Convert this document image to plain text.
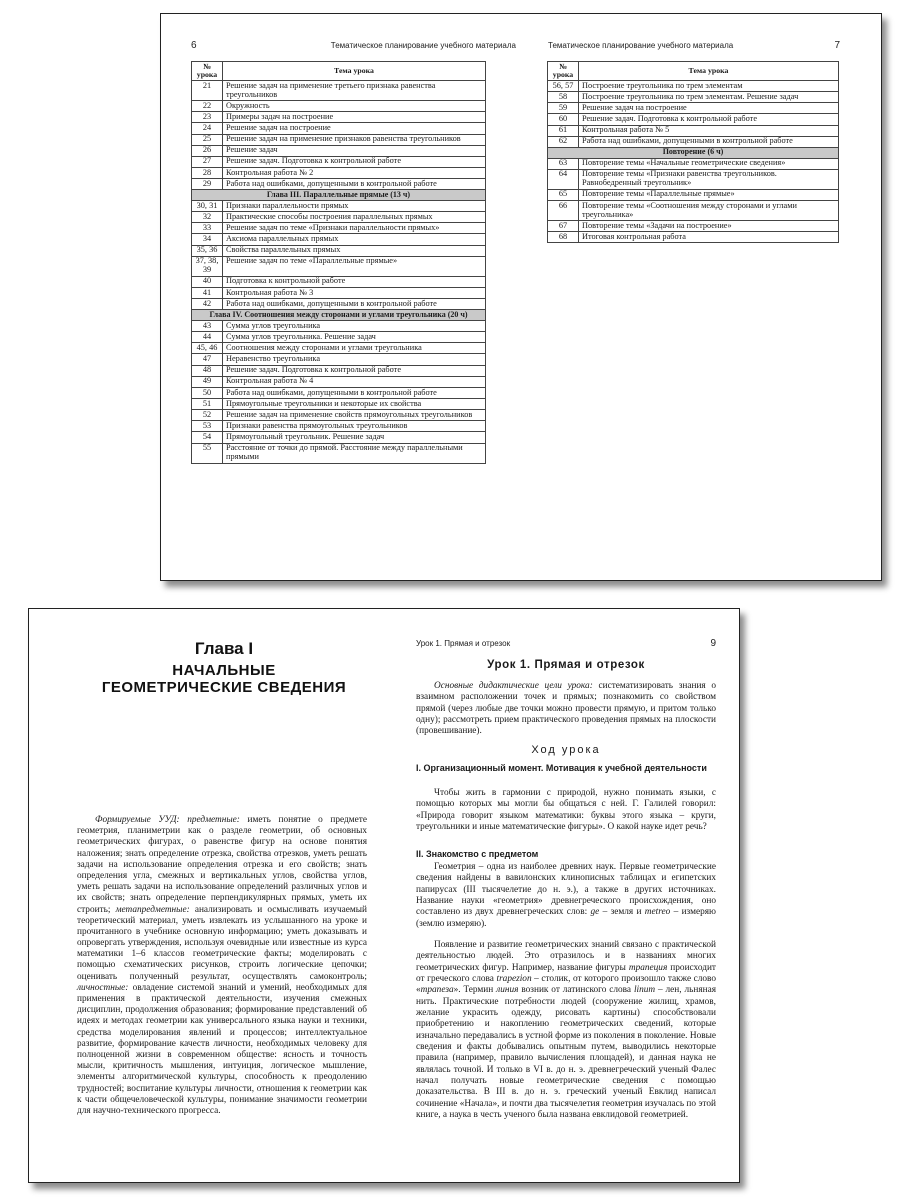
6	Тематическое планирование учебного материала	Тематическое планирование учебного материала	7
№ урока	Тема урока
21	Решение задач на применение третьего признака равенства треугольников
22	Окружность
23	Примеры задач на построение
24	Решение задач на построение
25	Решение задач на применение признаков равенства треугольников
26	Решение задач
27	Решение задач. Подготовка к контрольной работе
28	Контрольная работа № 2
29	Работа над ошибками, допущенными в контрольной работе
Глава III. Параллельные прямые (13 ч)	
30, 31	Признаки параллельности прямых
32	Практические способы построения параллельных прямых
33	Решение задач по теме «Признаки параллельности прямых»
34	Аксиома параллельных прямых
35, 36	Свойства параллельных прямых
37, 38, 39	Решение задач по теме «Параллельные прямые»
40	Подготовка к контрольной работе
41	Контрольная работа № 3
42	Работа над ошибками, допущенными в контрольной работе
Глава IV. Соотношения между сторонами и углами треугольника (20 ч)	
43	Сумма углов треугольника
44	Сумма углов треугольника. Решение задач
45, 46	Соотношения между сторонами и углами треугольника
47	Неравенство треугольника
48	Решение задач. Подготовка к контрольной работе
49	Контрольная работа № 4
50	Работа над ошибками, допущенными в контрольной работе
51	Прямоугольные треугольники и некоторые их свойства
52	Решение задач на применение свойств прямоугольных треугольников
53	Признаки равенства прямоугольных треугольников
54	Прямоугольный треугольник. Решение задач
55	Расстояние от точки до прямой. Расстояние между параллельными прямыми
№ урока	Тема урока
56, 57	Построение треугольника по трем элементам
58	Построение треугольника по трем элементам. Решение задач
59	Решение задач на построение
60	Решение задач. Подготовка к контрольной работе
61	Контрольная работа № 5
62	Работа над ошибками, допущенными в контрольной работе
Повторение (6 ч)	
63	Повторение темы «Начальные геометрические сведения»
64	Повторение темы «Признаки равенства треугольников. Равнобедренный треугольник»
65	Повторение темы «Параллельные прямые»
66	Повторение темы «Соотношения между сторонами и углами треугольника»
67	Повторение темы «Задачи на построение»
68	Итоговая контрольная работа
Глава I
НАЧАЛЬНЫЕ
ГЕОМЕТРИЧЕСКИЕ СВЕДЕНИЯ

Формируемые УУД: предметные: иметь понятие о предмете геометрия, планиметрии как о разделе геометрии, об основных геометрических фигурах, о равенстве фигур на основе понятия наложения; знать определение отрезка, свойства отрезков, уметь решать задачи на использование определения отрезка и его свойств; знать определения угла, смежных и вертикальных углов, свойства углов, уметь решать задачи на использование определений различных углов и их свойств; знать определение перпендикулярных прямых, уметь их строить; метапредметные: анализировать и осмысливать изучаемый теоретический материал, уметь извлекать из услышанного на уроке и прочитанного в учебнике основную информацию; уметь доказывать и опровергать утверждения, используя очевидные или известные из курса математики 1–6 классов геометрические факты; моделировать с помощью схематических рисунков, строить логические цепочки; оценивать полученный результат, осуществлять самоконтроль; личностные: овладение системой знаний и умений, необходимых для применения в практической деятельности, изучения смежных дисциплин, продолжения образования; формирование представлений об идеях и методах геометрии как универсального языка науки и техники, средства моделирования явлений и процессов; интеллектуальное развитие, формирование качеств личности, необходимых человеку для полноценной жизни в современном обществе: ясность и точность мысли, критичность мышления, интуиция, логическое мышление, элементы алгоритмической культуры, способность к преодолению трудностей; воспитание культуры личности, отношения к геометрии как к части общечеловеческой культуры, понимание значимости геометрии для научно-технического прогресса.

Урок 1. Прямая и отрезок	9
Урок 1. Прямая и отрезок

Основные дидактические цели урока: систематизировать знания о взаимном расположении точек и прямых; познакомить со свойством прямой (через любые две точки можно провести прямую, и притом только одну); рассмотреть прием практического проведения прямых на плоскости (провешивание).

Ход урока
I. Организационный момент. Мотивация к учебной деятельности

Чтобы жить в гармонии с природой, нужно понимать языки, с помощью которых мы могли бы общаться с ней. Г. Галилей говорил: «Природа говорит языком математики: буквы этого языка – круги, треугольники и иные математические фигуры». О какой науке идет речь?

II. Знакомство с предметом

Геометрия – одна из наиболее древних наук. Первые геометрические сведения найдены в вавилонских клинописных таблицах и египетских папирусах (III тысячелетие до н. э.), а также в других источниках. Название науки «геометрия» древнегреческого происхождения, оно составлено из двух древнегреческих слов: ge – земля и metreo – измеряю (землю измеряю).

Появление и развитие геометрических знаний связано с практической деятельностью людей. Это отразилось и в названиях многих геометрических фигур. Например, название фигуры трапеция происходит от греческого слова trapezion – столик, от которого произошло также слово «трапеза». Термин линия возник от латинского слова linum – лен, льняная нить. Практические потребности людей (сооружение жилищ, храмов, желание украсить одежду, рисовать картины) способствовали приобретению и накоплению геометрических сведений, которые изначально передавались в устной форме из поколения в поколение. Новые сведения и факты добывались опытным путем, выводились некоторые правила (например, правило вычисления площадей), и данная наука не являлась точной. И только в VI в. до н. э. древнегреческий ученый Фалес начал получать новые геометрические сведения с помощью доказательства. В III в. до н. э. греческий ученый Евклид написал сочинение «Начала», и почти два тысячелетия геометрия изучалась по этой книге, а наука в честь ученого была названа евклидовой геометрией.
